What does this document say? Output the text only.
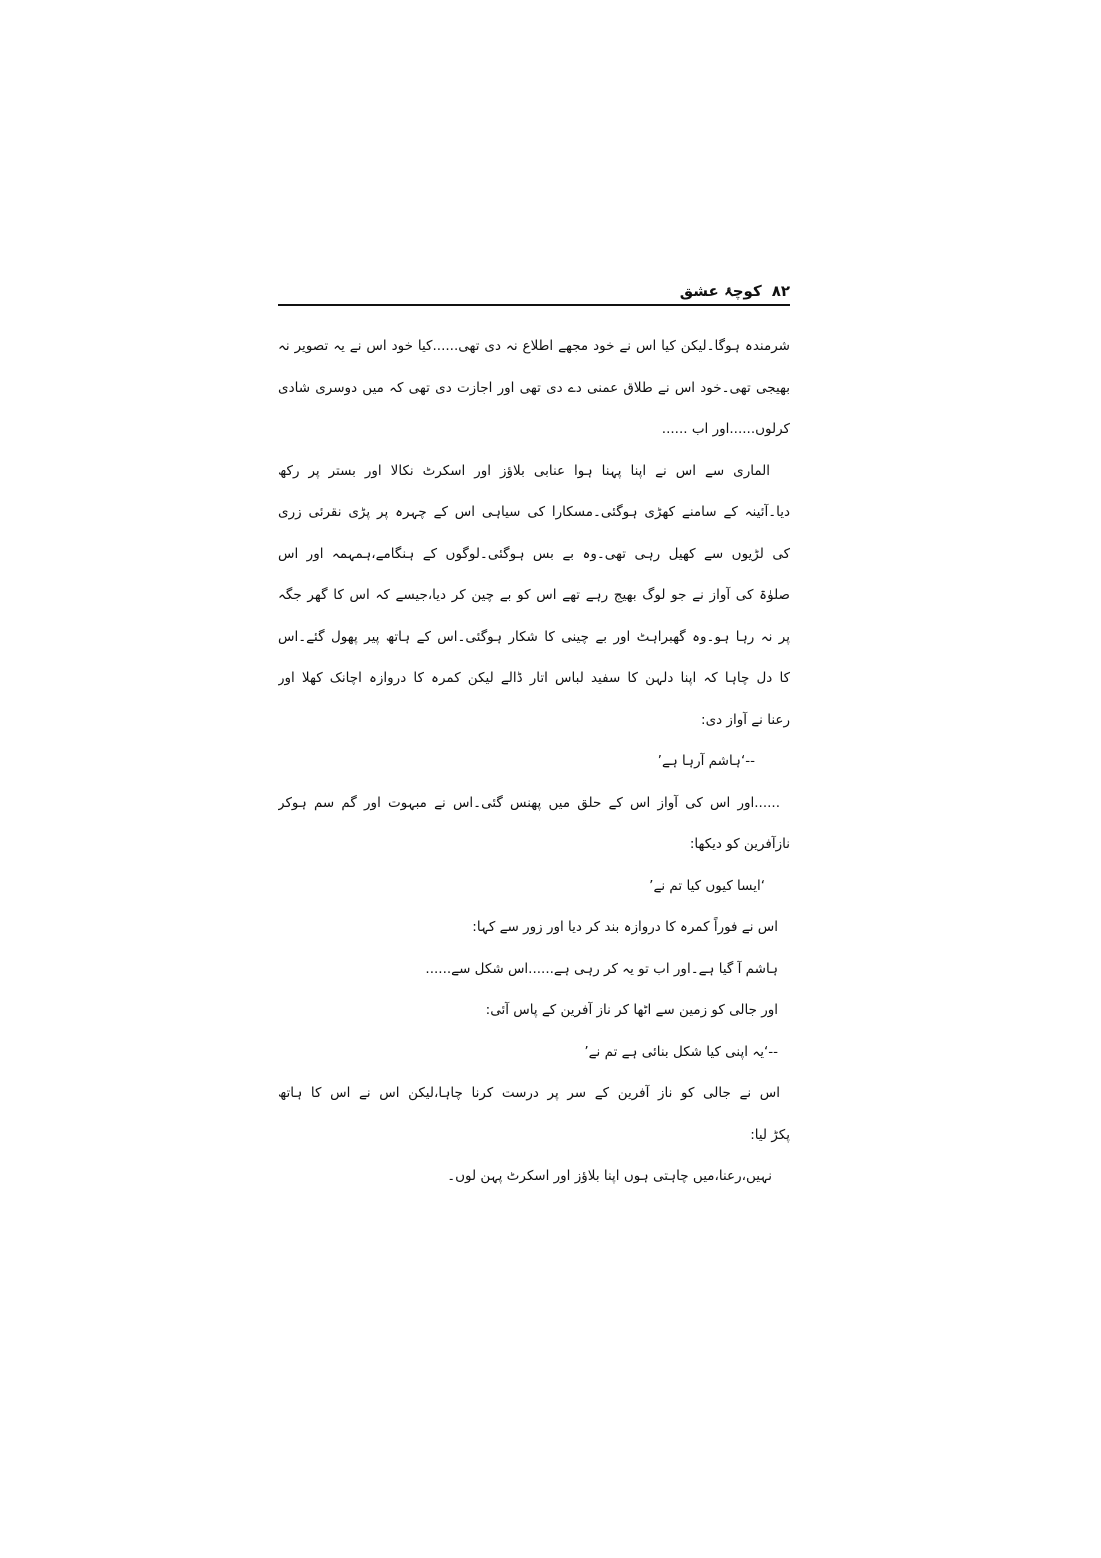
۸۲کوچۂ عشق
شرمندہ ہوگا۔لیکن کیا اس نے خود مجھے اطلاع نہ دی تھی......کیا خود اس نے یہ تصویر نہ
بھیجی تھی۔خود اس نے طلاق عمنی دے دی تھی اور اجازت دی تھی کہ میں دوسری شادی
کرلوں......اور اب ......
الماری سے اس نے اپنا پہنا ہوا عنابی بلاؤز اور اسکرٹ نکالا اور بستر پر رکھ
دیا۔آئینہ کے سامنے کھڑی ہوگئی۔مسکارا کی سیاہی اس کے چہرہ پر پڑی نقرئی زری
کی لڑیوں سے کھیل رہی تھی۔وہ بے بس ہوگئی۔لوگوں کے ہنگامے،ہمہمہ اور اس
صلوٰۃ کی آواز نے جو لوگ بھیج رہے تھے اس کو بے چین کر دیا،جیسے کہ اس کا گھر جگہ
پر نہ رہا ہو۔وہ گھبراہٹ اور بے چینی کا شکار ہوگئی۔اس کے ہاتھ پیر پھول گئے۔اس
کا دل چاہا کہ اپنا دلہن کا سفید لباس اتار ڈالے لیکن کمرہ کا دروازہ اچانک کھلا اور
رعنا نے آواز دی:
--‘ہاشم آرہا ہے’
......اور اس کی آواز اس کے حلق میں پھنس گئی۔اس نے مبہوت اور گم سم ہوکر
نازآفرین کو دیکھا:
‘ایسا کیوں کیا تم نے’
اس نے فوراً کمرہ کا دروازہ بند کر دیا اور زور سے کہا:
ہاشم آ گیا ہے۔اور اب تو یہ کر رہی ہے......اس شکل سے......
اور جالی کو زمین سے اٹھا کر ناز آفرین کے پاس آئی:
--‘یہ اپنی کیا شکل بنائی ہے تم نے’
اس نے جالی کو ناز آفرین کے سر پر درست کرنا چاہا،لیکن اس نے اس کا ہاتھ
پکڑ لیا:
نہیں،رعنا،میں چاہتی ہوں اپنا بلاؤز اور اسکرٹ پہن لوں۔
